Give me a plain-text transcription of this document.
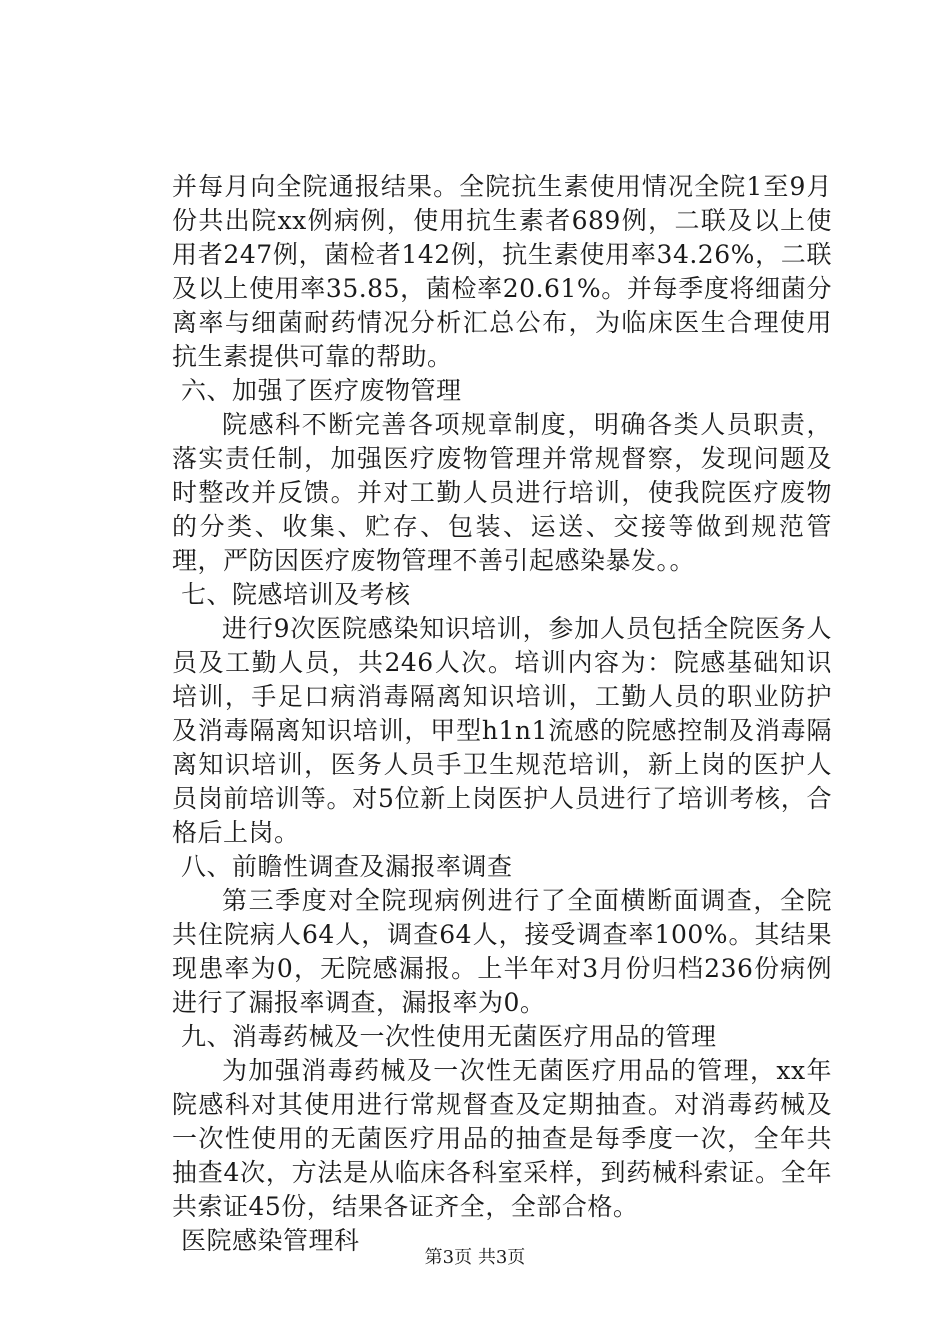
并每月向全院通报结果。全院抗生素使用情况全院1至9月份共出院xx例病例，使用抗生素者689例，二联及以上使用者247例，菌检者142例，抗生素使用率34.26%，二联及以上使用率35.85，菌检率20.61%。并每季度将细菌分离率与细菌耐药情况分析汇总公布，为临床医生合理使用抗生素提供可靠的帮助。

六、加强了医疗废物管理

院感科不断完善各项规章制度，明确各类人员职责，落实责任制，加强医疗废物管理并常规督察，发现问题及时整改并反馈。并对工勤人员进行培训，使我院医疗废物的分类、收集、贮存、包装、运送、交接等做到规范管理，严防因医疗废物管理不善引起感染暴发。。

七、院感培训及考核

进行9次医院感染知识培训，参加人员包括全院医务人员及工勤人员，共246人次。培训内容为：院感基础知识培训，手足口病消毒隔离知识培训，工勤人员的职业防护及消毒隔离知识培训，甲型h1n1流感的院感控制及消毒隔离知识培训，医务人员手卫生规范培训，新上岗的医护人员岗前培训等。对5位新上岗医护人员进行了培训考核，合格后上岗。

八、前瞻性调查及漏报率调查

第三季度对全院现病例进行了全面横断面调查，全院共住院病人64人，调查64人，接受调查率100%。其结果现患率为0，无院感漏报。上半年对3月份归档236份病例进行了漏报率调查，漏报率为0。

九、消毒药械及一次性使用无菌医疗用品的管理

为加强消毒药械及一次性无菌医疗用品的管理，xx年院感科对其使用进行常规督查及定期抽查。对消毒药械及一次性使用的无菌医疗用品的抽查是每季度一次，全年共抽查4次，方法是从临床各科室采样，到药械科索证。全年共索证45份，结果各证齐全，全部合格。

医院感染管理科

第3页 共3页
